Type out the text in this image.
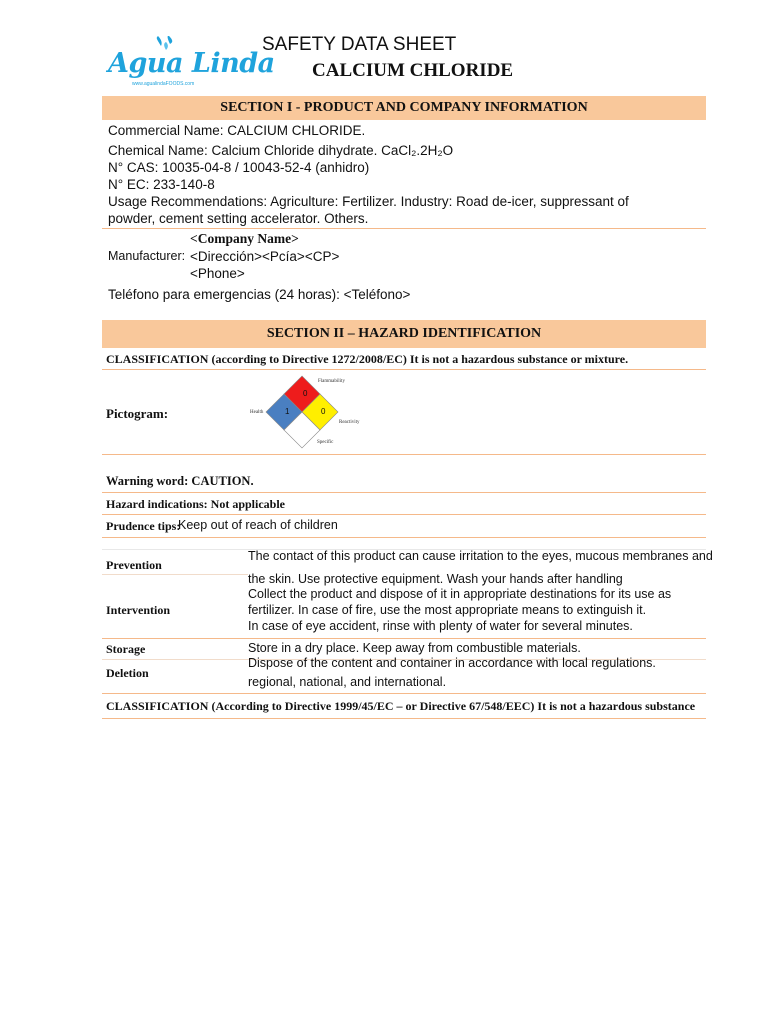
Agua Linda
www.agualindaFOODS.com
SAFETY DATA SHEET
CALCIUM CHLORIDE
SECTION I - PRODUCT AND COMPANY INFORMATION
Commercial Name: CALCIUM CHLORIDE.
Chemical Name: Calcium Chloride dihydrate. CaCl₂.2H₂O
N° CAS: 10035-04-8 / 10043-52-4 (anhidro)
N° EC: 233-140-8
Usage Recommendations: Agriculture: Fertilizer. Industry: Road de-icer, suppressant of
powder, cement setting accelerator. Others.
<Company Name>
Manufacturer: <Dirección><Pcía><CP>
<Phone>
Teléfono para emergencias (24 horas): <Teléfono>
SECTION II – HAZARD IDENTIFICATION
CLASSIFICATION (according to Directive 1272/2008/EC) It is not a hazardous substance or mixture.
Pictogram:
0
1	0
Flammability
Health
Reactivity
Specific
Warning word: CAUTION.
Hazard indications: Not applicable
Prudence tips:
Keep out of reach of children
Prevention
The contact of this product can cause irritation to the eyes, mucous membranes and
the skin. Use protective equipment. Wash your hands after handling
Intervention
Collect the product and dispose of it in appropriate destinations for its use as
fertilizer. In case of fire, use the most appropriate means to extinguish it.
In case of eye accident, rinse with plenty of water for several minutes.
Storage	Store in a dry place. Keep away from combustible materials.
Deletion
Dispose of the content and container in accordance with local regulations.
regional, national, and international.
CLASSIFICATION (According to Directive 1999/45/EC – or Directive 67/548/EEC) It is not a hazardous substance
